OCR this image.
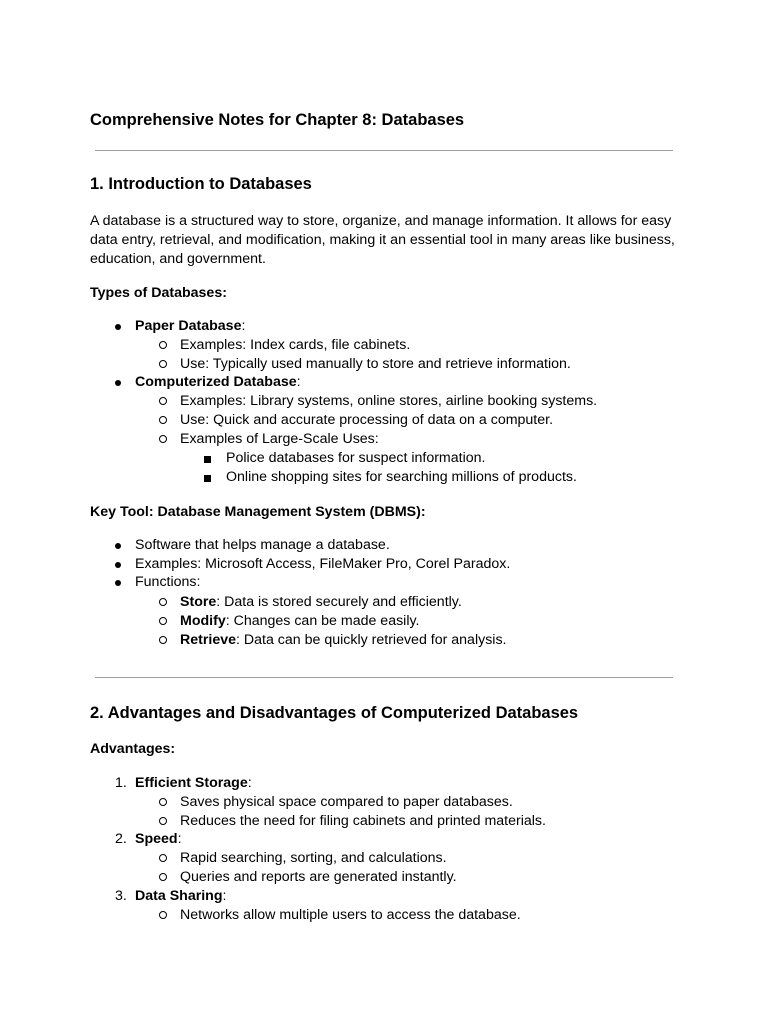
Comprehensive Notes for Chapter 8: Databases
1. Introduction to Databases
A database is a structured way to store, organize, and manage information. It allows for easy
data entry, retrieval, and modification, making it an essential tool in many areas like business,
education, and government.
Types of Databases:
Paper Database:
Examples: Index cards, file cabinets.
Use: Typically used manually to store and retrieve information.
Computerized Database:
Examples: Library systems, online stores, airline booking systems.
Use: Quick and accurate processing of data on a computer.
Examples of Large-Scale Uses:
Police databases for suspect information.
Online shopping sites for searching millions of products.
Key Tool: Database Management System (DBMS):
Software that helps manage a database.
Examples: Microsoft Access, FileMaker Pro, Corel Paradox.
Functions:
Store: Data is stored securely and efficiently.
Modify: Changes can be made easily.
Retrieve: Data can be quickly retrieved for analysis.
2. Advantages and Disadvantages of Computerized Databases
Advantages:
1. Efficient Storage:
Saves physical space compared to paper databases.
Reduces the need for filing cabinets and printed materials.
2. Speed:
Rapid searching, sorting, and calculations.
Queries and reports are generated instantly.
3. Data Sharing:
Networks allow multiple users to access the database.
